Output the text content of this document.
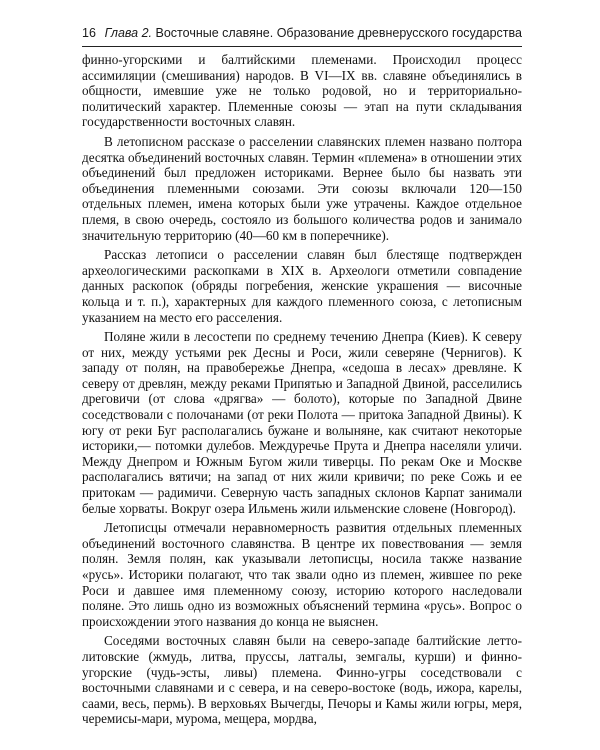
16 Глава 2. Восточные славяне. Образование древнерусского государства

финно-угорскими и балтийскими племенами. Происходил процесс ассимиляции (смешивания) народов. В VI—IX вв. славяне объединялись в общности, имевшие уже не только родовой, но и территориально-политический характер. Племенные союзы — этап на пути складывания государственности восточных славян.

В летописном рассказе о расселении славянских племен названо полтора десятка объединений восточных славян. Термин «племена» в отношении этих объединений был предложен историками. Вернее было бы назвать эти объединения племенными союзами. Эти союзы включали 120—150 отдельных племен, имена которых были уже утрачены. Каждое отдельное племя, в свою очередь, состояло из большого количества родов и занимало значительную территорию (40—60 км в поперечнике).

Рассказ летописи о расселении славян был блестяще подтвержден археологическими раскопками в XIX в. Археологи отметили совпадение данных раскопок (обряды погребения, женские украшения — височные кольца и т. п.), характерных для каждого племенного союза, с летописным указанием на место его расселения.

Поляне жили в лесостепи по среднему течению Днепра (Киев). К северу от них, между устьями рек Десны и Роси, жили северяне (Чернигов). К западу от полян, на правобережье Днепра, «седоша в лесах» древляне. К северу от древлян, между реками Припятью и Западной Двиной, расселились дреговичи (от слова «дрягва» — болото), которые по Западной Двине соседствовали с полочанами (от реки Полота — притока Западной Двины). К югу от реки Буг располагались бужане и волыняне, как считают некоторые историки,— потомки дулебов. Междуречье Прута и Днепра населяли уличи. Между Днепром и Южным Бугом жили тиверцы. По рекам Оке и Москве располагались вятичи; на запад от них жили кривичи; по реке Сожь и ее притокам — радимичи. Северную часть западных склонов Карпат занимали белые хорваты. Вокруг озера Ильмень жили ильменские словене (Новгород).

Летописцы отмечали неравномерность развития отдельных племенных объединений восточного славянства. В центре их повествования — земля полян. Земля полян, как указывали летописцы, носила также название «русь». Историки полагают, что так звали одно из племен, жившее по реке Роси и давшее имя племенному союзу, историю которого наследовали поляне. Это лишь одно из возможных объяснений термина «русь». Вопрос о происхождении этого названия до конца не выяснен.

Соседями восточных славян были на северо-западе балтийские летто-литовские (жмудь, литва, пруссы, латгалы, земгалы, курши) и финно-угорские (чудь-эсты, ливы) племена. Финно-угры соседствовали с восточными славянами и с севера, и на северо-востоке (водь, ижора, карелы, саами, весь, пермь). В верховьях Вычегды, Печоры и Камы жили югры, меря, черемисы-мари, мурома, мещера, мордва,
